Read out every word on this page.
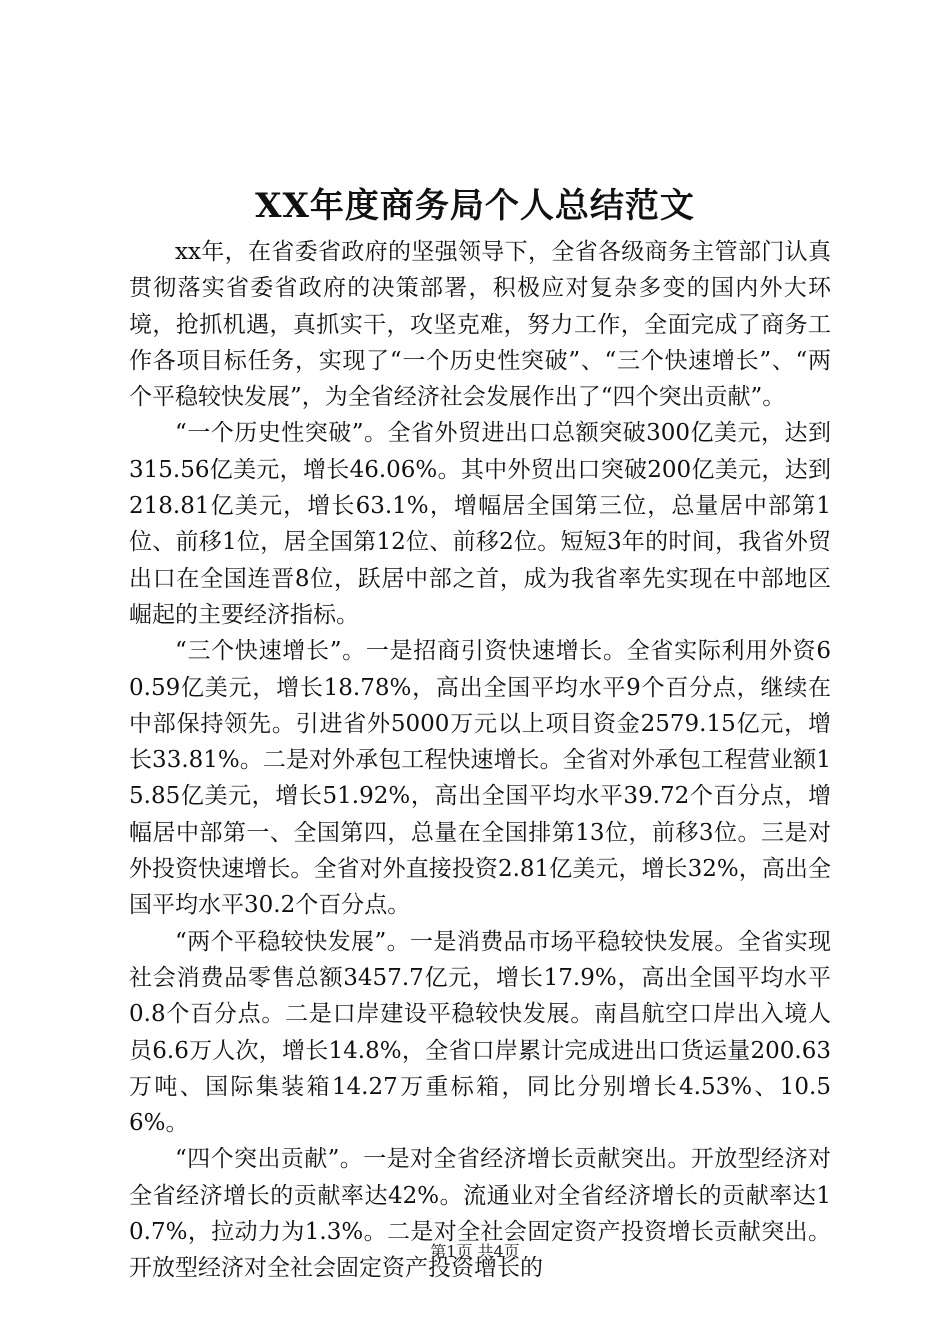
XX年度商务局个人总结范文

xx年，在省委省政府的坚强领导下，全省各级商务主管部门认真贯彻落实省委省政府的决策部署，积极应对复杂多变的国内外大环境，抢抓机遇，真抓实干，攻坚克难，努力工作，全面完成了商务工作各项目标任务，实现了“一个历史性突破”、“三个快速增长”、“两个平稳较快发展”，为全省经济社会发展作出了“四个突出贡献”。

“一个历史性突破”。全省外贸进出口总额突破300亿美元，达到315.56亿美元，增长46.06%。其中外贸出口突破200亿美元，达到218.81亿美元，增长63.1%，增幅居全国第三位，总量居中部第1位、前移1位，居全国第12位、前移2位。短短3年的时间，我省外贸出口在全国连晋8位，跃居中部之首，成为我省率先实现在中部地区崛起的主要经济指标。

“三个快速增长”。一是招商引资快速增长。全省实际利用外资60.59亿美元，增长18.78%，高出全国平均水平9个百分点，继续在中部保持领先。引进省外5000万元以上项目资金2579.15亿元，增长33.81%。二是对外承包工程快速增长。全省对外承包工程营业额15.85亿美元，增长51.92%，高出全国平均水平39.72个百分点，增幅居中部第一、全国第四，总量在全国排第13位，前移3位。三是对外投资快速增长。全省对外直接投资2.81亿美元，增长32%，高出全国平均水平30.2个百分点。

“两个平稳较快发展”。一是消费品市场平稳较快发展。全省实现社会消费品零售总额3457.7亿元，增长17.9%，高出全国平均水平0.8个百分点。二是口岸建设平稳较快发展。南昌航空口岸出入境人员6.6万人次，增长14.8%，全省口岸累计完成进出口货运量200.63万吨、国际集装箱14.27万重标箱，同比分别增长4.53%、10.56%。

“四个突出贡献”。一是对全省经济增长贡献突出。开放型经济对全省经济增长的贡献率达42%。流通业对全省经济增长的贡献率达10.7%，拉动力为1.3%。二是对全社会固定资产投资增长贡献突出。开放型经济对全社会固定资产投资增长的

第1页 共4页
